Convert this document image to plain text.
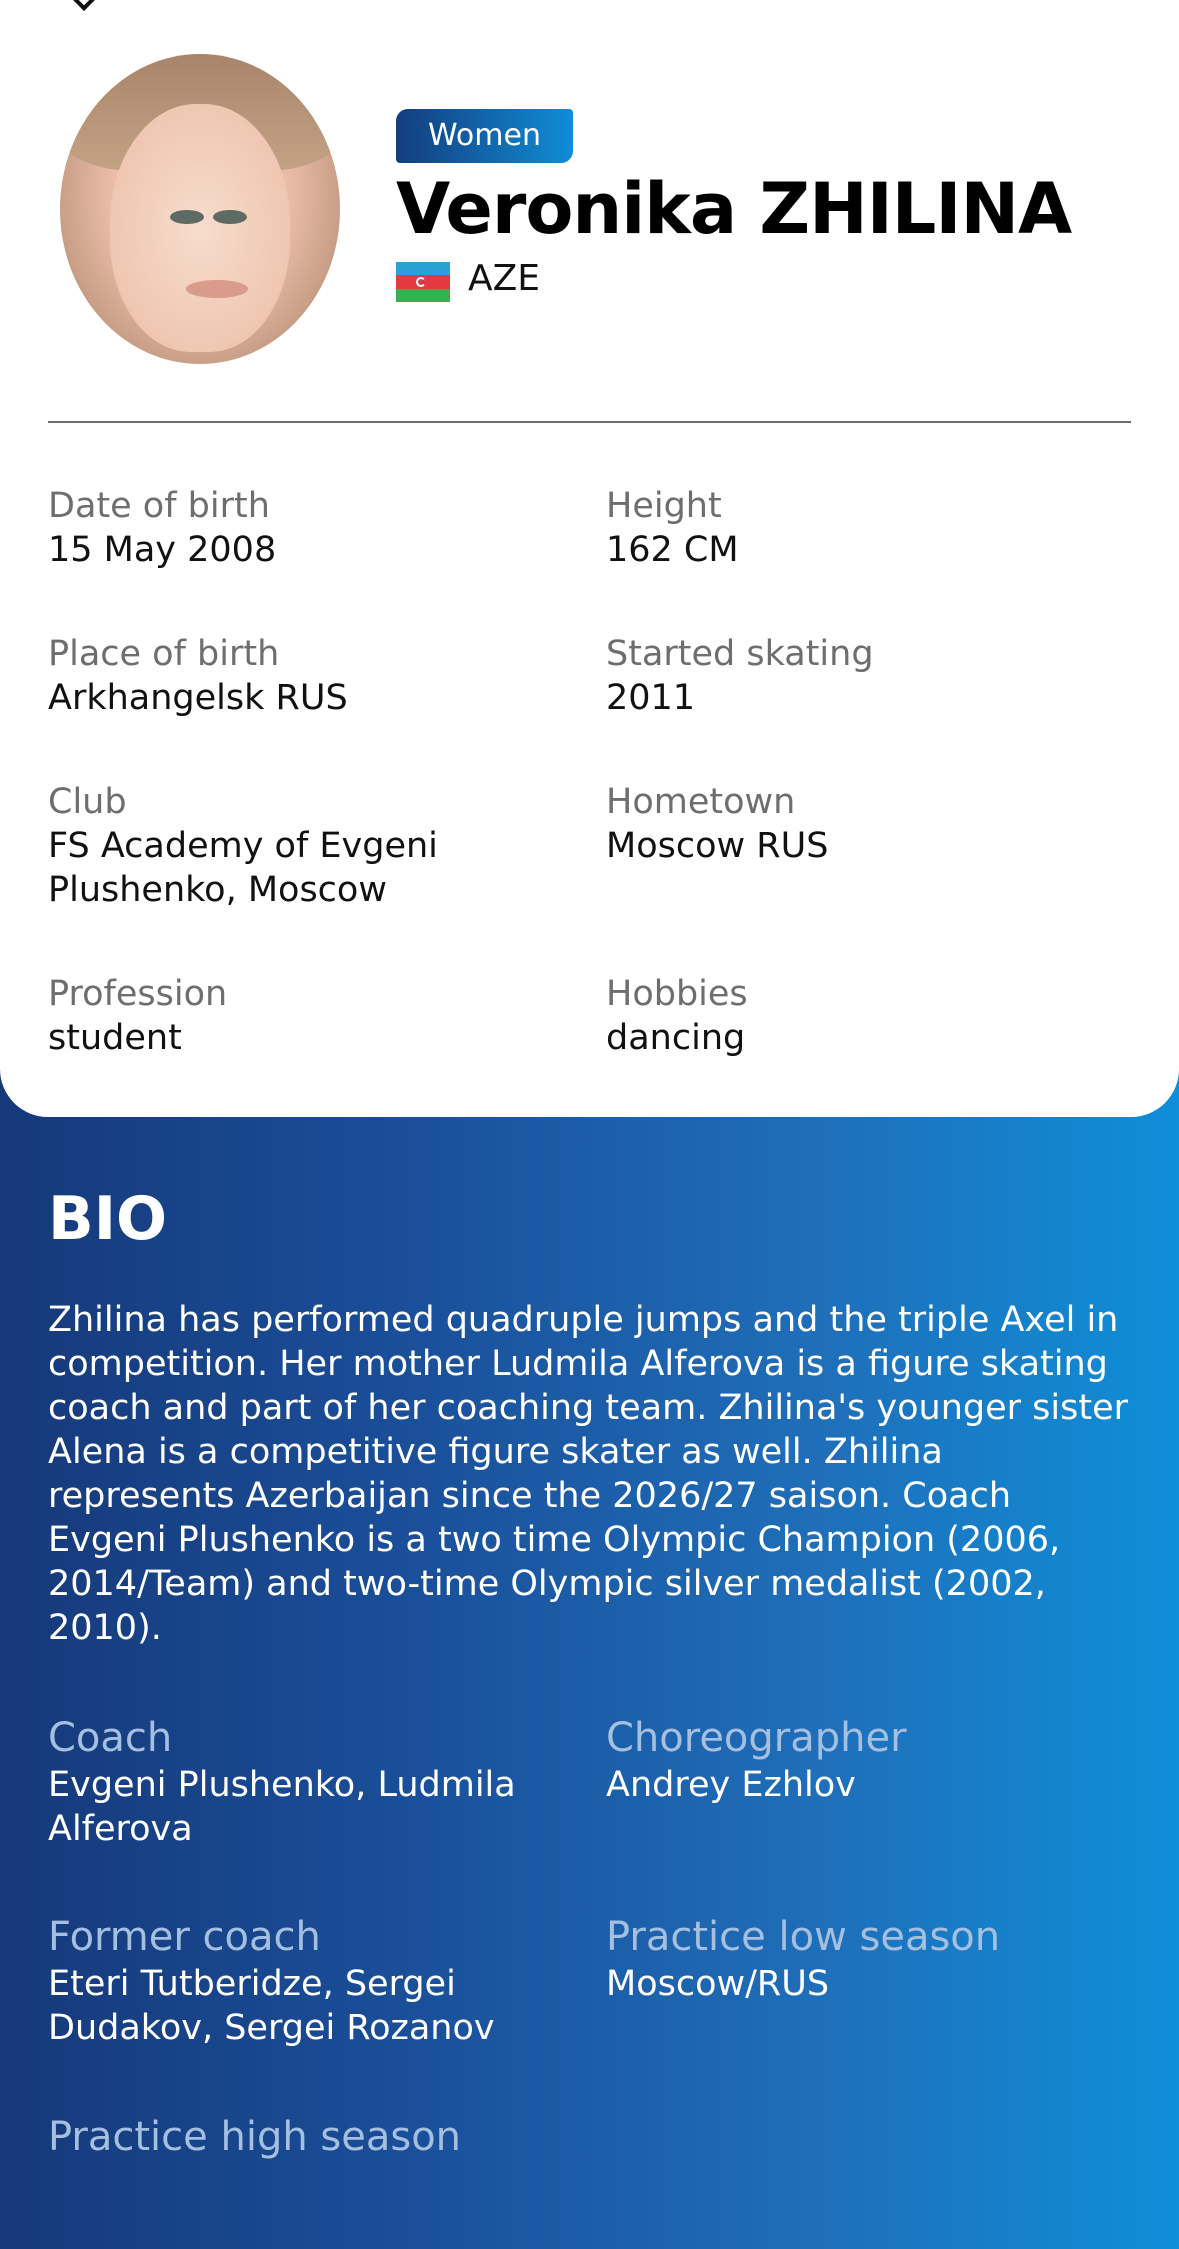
Women
Veronika ZHILINA
AZE
Date of birth
15 May 2008
Height
162 CM
Place of birth
Arkhangelsk RUS
Started skating
2011
Club
FS Academy of Evgeni Plushenko, Moscow
Hometown
Moscow RUS
Profession
student
Hobbies
dancing
BIO
Zhilina has performed quadruple jumps and the triple Axel in competition. Her mother Ludmila Alferova is a figure skating coach and part of her coaching team. Zhilina's younger sister Alena is a competitive figure skater as well. Zhilina represents Azerbaijan since the 2026/27 saison. Coach Evgeni Plushenko is a two time Olympic Champion (2006, 2014/Team) and two-time Olympic silver medalist (2002, 2010).
Coach
Evgeni Plushenko, Ludmila Alferova
Choreographer
Andrey Ezhlov
Former coach
Eteri Tutberidze, Sergei Dudakov, Sergei Rozanov
Practice low season
Moscow/RUS
Practice high season
